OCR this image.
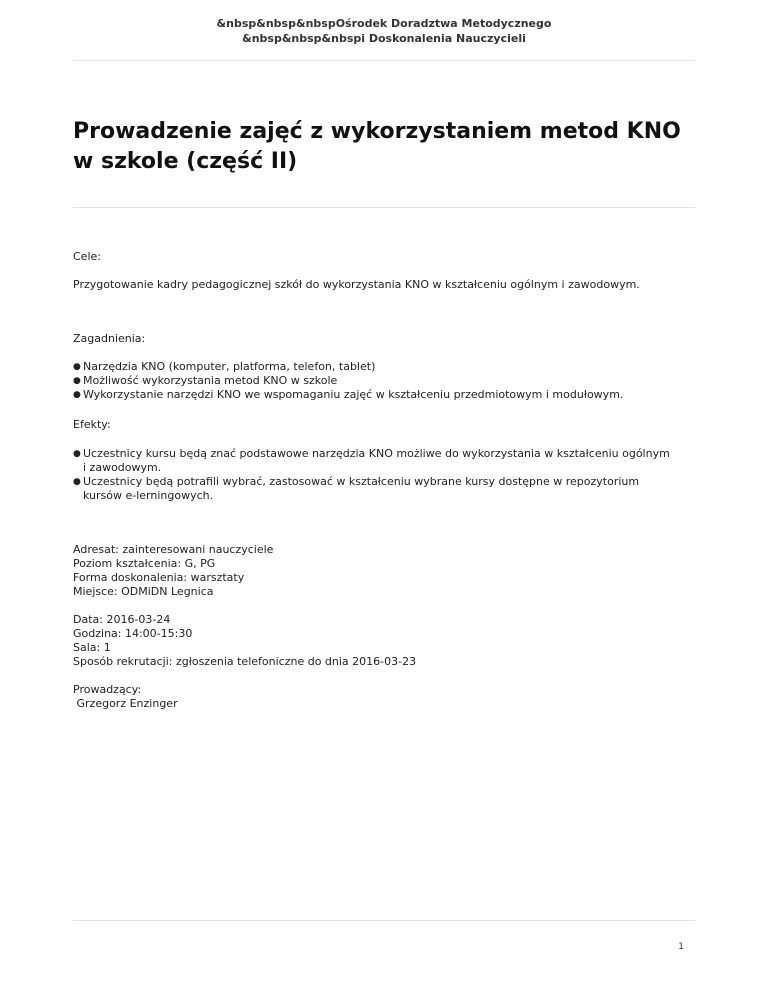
&nbsp&nbsp&nbspOśrodek Doradztwa Metodycznego
&nbsp&nbsp&nbspi Doskonalenia Nauczycieli
Prowadzenie zajęć z wykorzystaniem metod KNO w szkole (część II)

Cele:

Przygotowanie kadry pedagogicznej szkół do wykorzystania KNO w kształceniu ogólnym i zawodowym.

Zagadnienia:

● Narzędzia KNO (komputer, platforma, telefon, tablet)
● Możliwość wykorzystania metod KNO w szkole
● Wykorzystanie narzędzi KNO we wspomaganiu zajęć w kształceniu przedmiotowym i modułowym.

Efekty:

● Uczestnicy kursu będą znać podstawowe narzędzia KNO możliwe do wykorzystania w kształceniu ogólnym i zawodowym.
● Uczestnicy będą potrafili wybrać, zastosować w kształceniu wybrane kursy dostępne w repozytorium kursów e-lerningowych.

Adresat: zainteresowani nauczyciele

Poziom kształcenia: G, PG

Forma doskonalenia: warsztaty

Miejsce: ODMiDN Legnica

Data: 2016-03-24

Godzina: 14:00-15:30

Sala: 1

Sposób rekrutacji: zgłoszenia telefoniczne do dnia 2016-03-23

Prowadzący:

Grzegorz Enzinger

1
